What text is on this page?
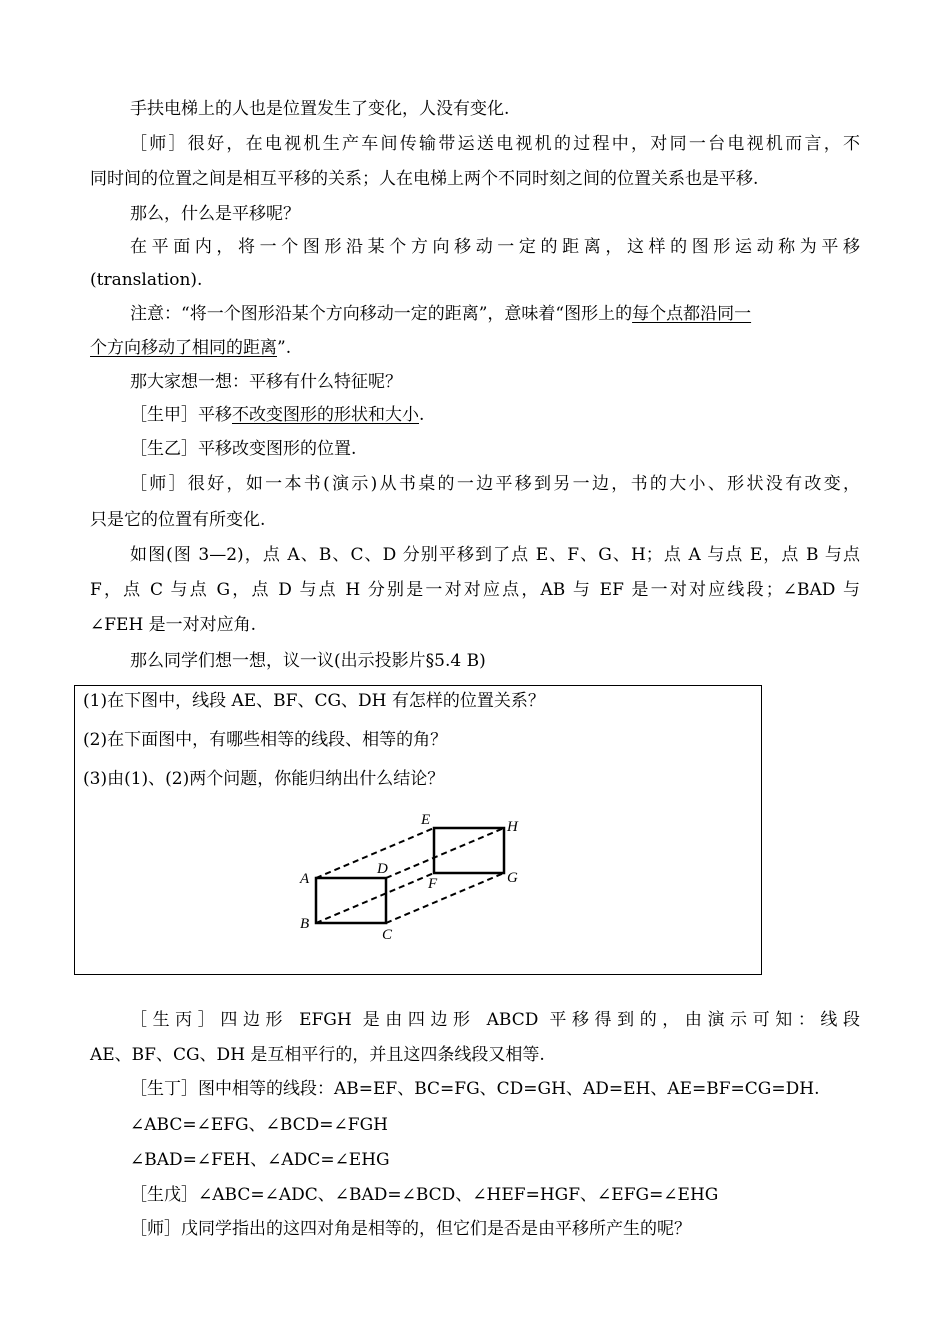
手扶电梯上的人也是位置发生了变化，人没有变化.
［师］很好，在电视机生产车间传输带运送电视机的过程中，对同一台电视机而言，不
同时间的位置之间是相互平移的关系；人在电梯上两个不同时刻之间的位置关系也是平移.
那么，什么是平移呢？
在平面内，将一个图形沿某个方向移动一定的距离，这样的图形运动称为平移
(translation).
注意：“将一个图形沿某个方向移动一定的距离”，意味着“图形上的每个点都沿同一
个方向移动了相同的距离”.
那大家想一想：平移有什么特征呢？
［生甲］平移不改变图形的形状和大小.
［生乙］平移改变图形的位置.
［师］很好，如一本书(演示)从书桌的一边平移到另一边，书的大小、形状没有改变，
只是它的位置有所变化.
如图(图 3—2)，点 A、B、C、D 分别平移到了点 E、F、G、H；点 A 与点 E，点 B 与点
F，点 C 与点 G，点 D 与点 H 分别是一对对应点，AB 与 EF 是一对对应线段；∠BAD 与
∠FEH 是一对对应角.
那么同学们想一想，议一议(出示投影片§5.4 B)
(1)在下图中，线段 AE、BF、CG、DH 有怎样的位置关系？
(2)在下面图中，有哪些相等的线段、相等的角？
(3)由(1)、(2)两个问题，你能归纳出什么结论？
A
B
C
D
E
F	G
H
［生丙］四边形 EFGH 是由四边形 ABCD 平移得到的，由演示可知：线段
AE、BF、CG、DH 是互相平行的，并且这四条线段又相等.
［生丁］图中相等的线段：AB=EF、BC=FG、CD=GH、AD=EH、AE=BF=CG=DH.
∠ABC=∠EFG、∠BCD=∠FGH
∠BAD=∠FEH、∠ADC=∠EHG
［生戊］∠ABC=∠ADC、∠BAD=∠BCD、∠HEF=HGF、∠EFG=∠EHG
［师］戊同学指出的这四对角是相等的，但它们是否是由平移所产生的呢？
